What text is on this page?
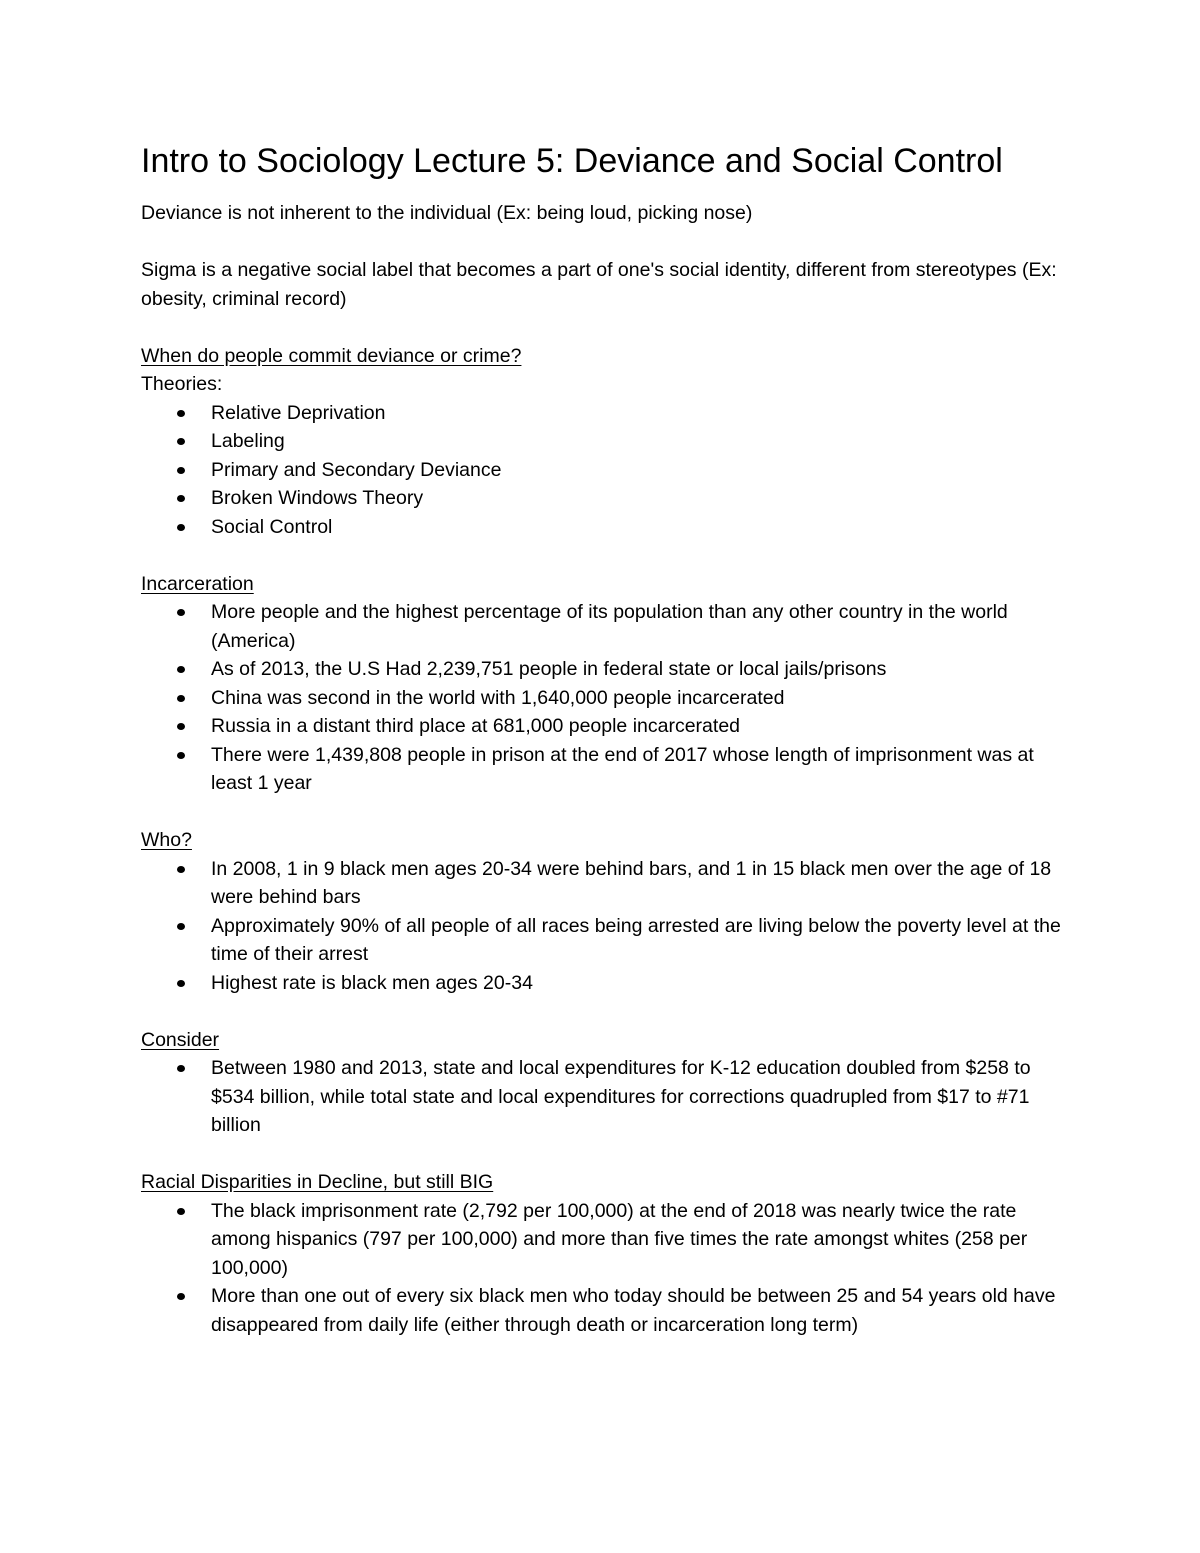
Intro to Sociology Lecture 5: Deviance and Social Control

Deviance is not inherent to the individual (Ex: being loud, picking nose)

Sigma is a negative social label that becomes a part of one's social identity, different from stereotypes (Ex: obesity, criminal record)

When do people commit deviance or crime?

Theories:

Relative Deprivation
Labeling
Primary and Secondary Deviance
Broken Windows Theory
Social Control

Incarceration

More people and the highest percentage of its population than any other country in the world (America)
As of 2013, the U.S Had 2,239,751 people in federal state or local jails/prisons
China was second in the world with 1,640,000 people incarcerated
Russia in a distant third place at 681,000 people incarcerated
There were 1,439,808 people in prison at the end of 2017 whose length of imprisonment was at least 1 year

Who?

In 2008, 1 in 9 black men ages 20-34 were behind bars, and 1 in 15 black men over the age of 18 were behind bars
Approximately 90% of all people of all races being arrested are living below the poverty level at the time of their arrest
Highest rate is black men ages 20-34

Consider

Between 1980 and 2013, state and local expenditures for K-12 education doubled from $258 to $534 billion, while total state and local expenditures for corrections quadrupled from $17 to #71 billion

Racial Disparities in Decline, but still BIG

The black imprisonment rate (2,792 per 100,000) at the end of 2018 was nearly twice the rate among hispanics (797 per 100,000) and more than five times the rate amongst whites (258 per 100,000)
More than one out of every six black men who today should be between 25 and 54 years old have disappeared from daily life (either through death or incarceration long term)
